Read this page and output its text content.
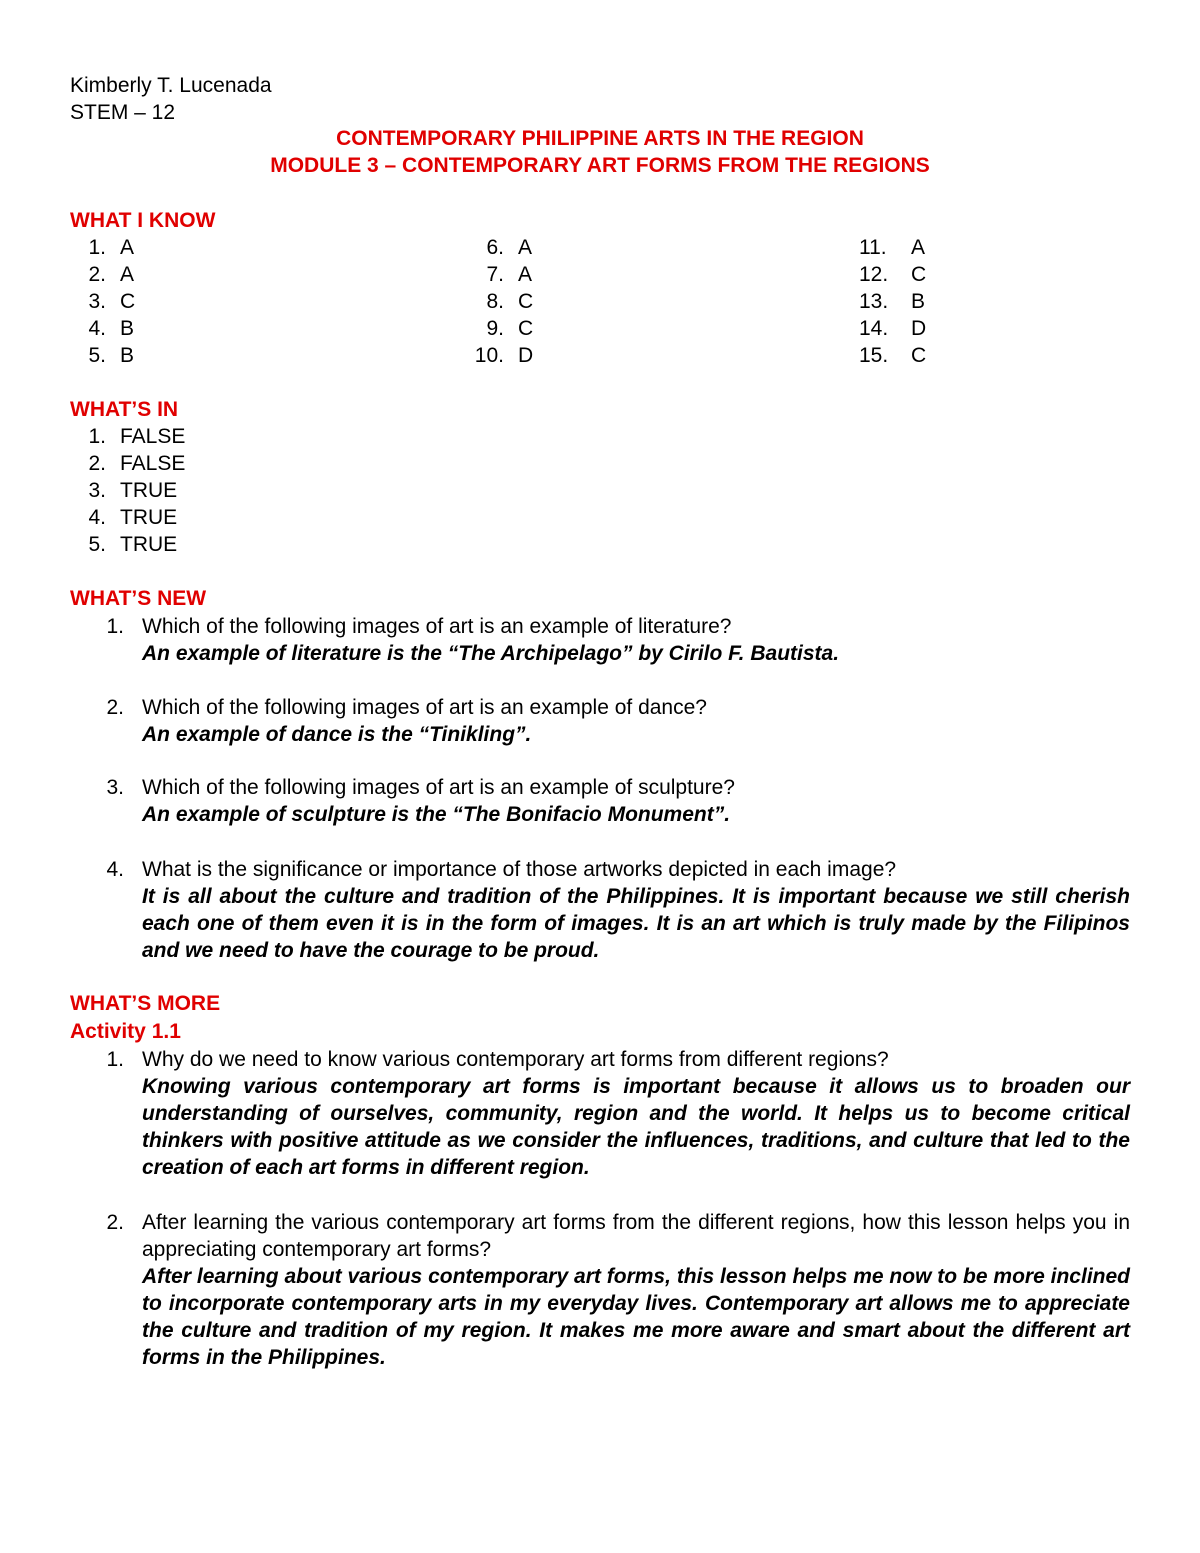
Kimberly T. Lucenada
STEM – 12
CONTEMPORARY PHILIPPINE ARTS IN THE REGION
MODULE 3 – CONTEMPORARY ART FORMS FROM THE REGIONS
WHAT I KNOW
1. A
2. A
3. C
4. B
5. B
6. A
7. A
8. C
9. C
10. D
11. A
12. C
13. B
14. D
15. C
WHAT’S IN
1. FALSE
2. FALSE
3. TRUE
4. TRUE
5. TRUE
WHAT’S NEW
1. Which of the following images of art is an example of literature?
An example of literature is the “The Archipelago” by Cirilo F. Bautista.
2. Which of the following images of art is an example of dance?
An example of dance is the “Tinikling”.
3. Which of the following images of art is an example of sculpture?
An example of sculpture is the “The Bonifacio Monument”.
4. What is the significance or importance of those artworks depicted in each image?
It is all about the culture and tradition of the Philippines. It is important because we still cherish each one of them even it is in the form of images. It is an art which is truly made by the Filipinos and we need to have the courage to be proud.
WHAT’S MORE
Activity 1.1
1. Why do we need to know various contemporary art forms from different regions?
Knowing various contemporary art forms is important because it allows us to broaden our understanding of ourselves, community, region and the world. It helps us to become critical thinkers with positive attitude as we consider the influences, traditions, and culture that led to the creation of each art forms in different region.
2. After learning the various contemporary art forms from the different regions, how this lesson helps you in appreciating contemporary art forms?
After learning about various contemporary art forms, this lesson helps me now to be more inclined to incorporate contemporary arts in my everyday lives. Contemporary art allows me to appreciate the culture and tradition of my region. It makes me more aware and smart about the different art forms in the Philippines.
